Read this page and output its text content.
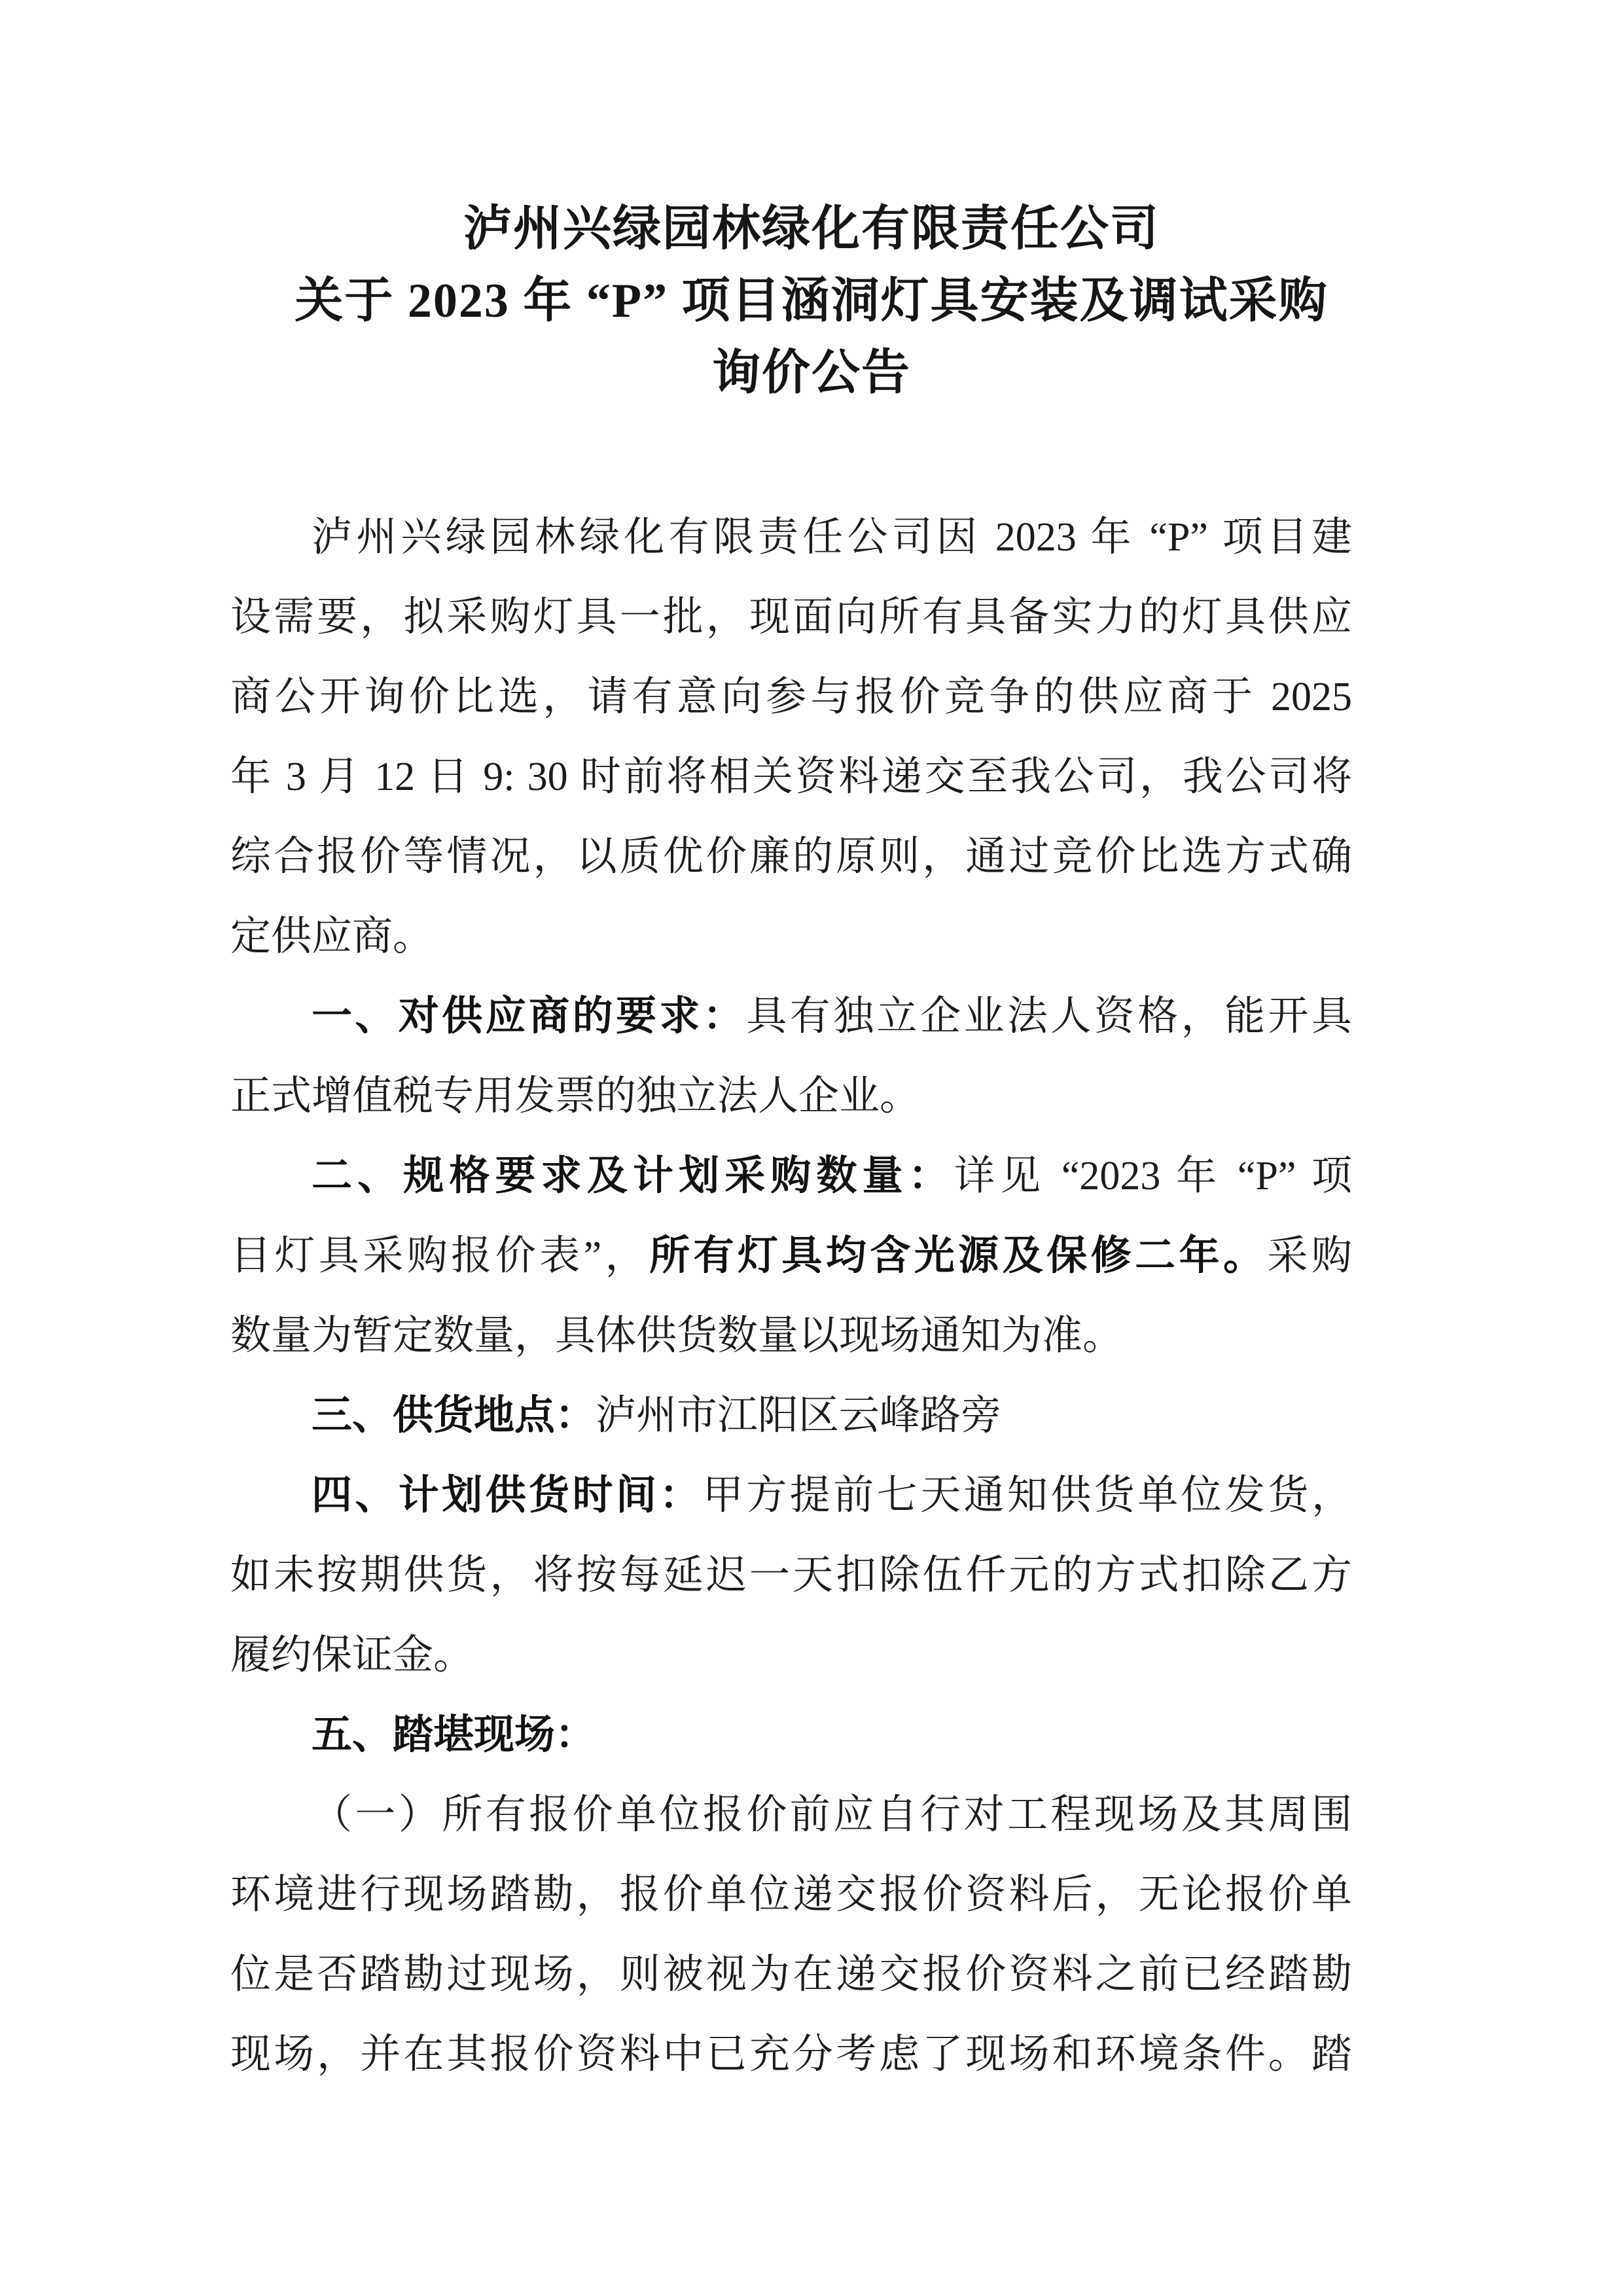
泸州兴绿园林绿化有限责任公司
关于 2023 年 “P” 项目涵洞灯具安装及调试采购
询价公告
泸州兴绿园林绿化有限责任公司因 2023 年 “P” 项目建
设需要，拟采购灯具一批，现面向所有具备实力的灯具供应
商公开询价比选，请有意向参与报价竞争的供应商于 2025
年 3 月 12 日 9: 30 时前将相关资料递交至我公司，我公司将
综合报价等情况，以质优价廉的原则，通过竞价比选方式确
定供应商。
一、对供应商的要求：具有独立企业法人资格，能开具
正式增值税专用发票的独立法人企业。
二、规格要求及计划采购数量：详见 “2023 年 “P” 项
目灯具采购报价表”，所有灯具均含光源及保修二年。采购
数量为暂定数量，具体供货数量以现场通知为准。
三、供货地点：泸州市江阳区云峰路旁
四、计划供货时间：甲方提前七天通知供货单位发货，
如未按期供货，将按每延迟一天扣除伍仟元的方式扣除乙方
履约保证金。
五、踏堪现场：
（一）所有报价单位报价前应自行对工程现场及其周围
环境进行现场踏勘，报价单位递交报价资料后，无论报价单
位是否踏勘过现场，则被视为在递交报价资料之前已经踏勘
现场，并在其报价资料中已充分考虑了现场和环境条件。踏
